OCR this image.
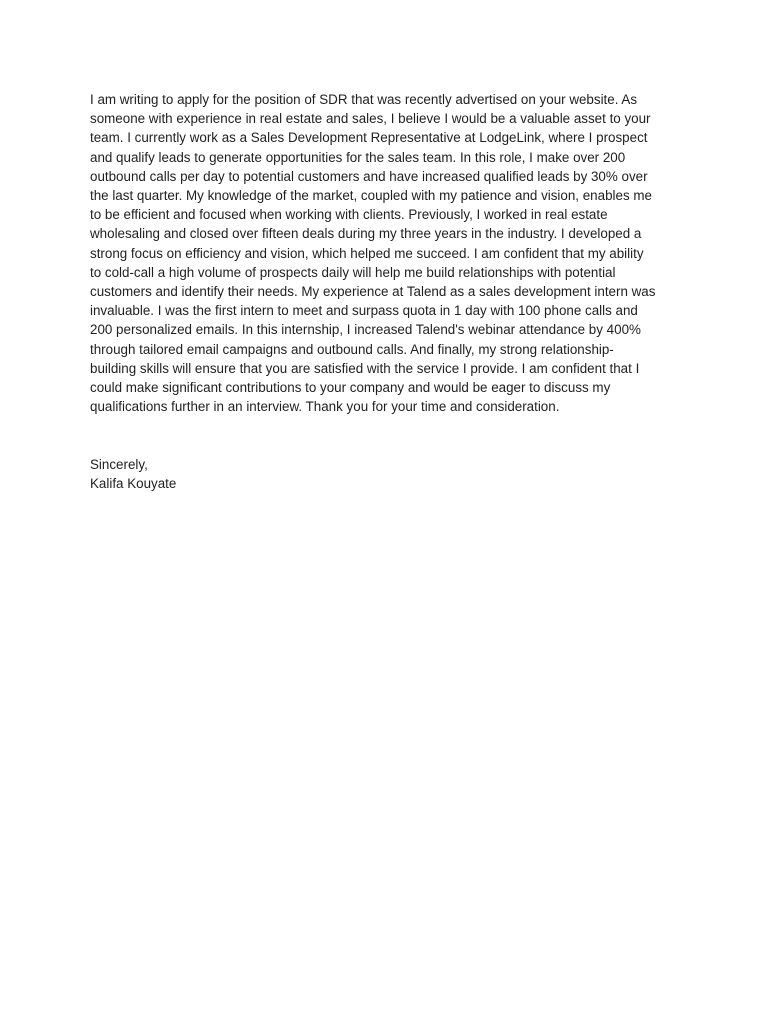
I am writing to apply for the position of SDR that was recently advertised on your website. As
someone with experience in real estate and sales, I believe I would be a valuable asset to your
team. I currently work as a Sales Development Representative at LodgeLink, where I prospect
and qualify leads to generate opportunities for the sales team. In this role, I make over 200
outbound calls per day to potential customers and have increased qualified leads by 30% over
the last quarter. My knowledge of the market, coupled with my patience and vision, enables me
to be efficient and focused when working with clients. Previously, I worked in real estate
wholesaling and closed over fifteen deals during my three years in the industry. I developed a
strong focus on efficiency and vision, which helped me succeed. I am confident that my ability
to cold-call a high volume of prospects daily will help me build relationships with potential
customers and identify their needs. My experience at Talend as a sales development intern was
invaluable. I was the first intern to meet and surpass quota in 1 day with 100 phone calls and
200 personalized emails. In this internship, I increased Talend's webinar attendance by 400%
through tailored email campaigns and outbound calls. And finally, my strong relationship-
building skills will ensure that you are satisfied with the service I provide. I am confident that I
could make significant contributions to your company and would be eager to discuss my
qualifications further in an interview. Thank you for your time and consideration.
Sincerely,
Kalifa Kouyate
